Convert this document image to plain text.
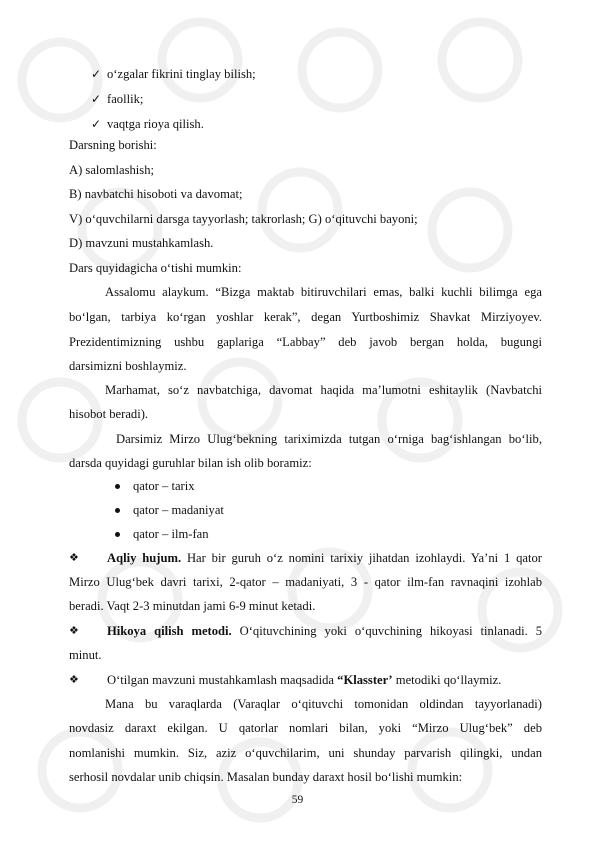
✓ o‘zgalar fikrini tinglay bilish;
✓ faollik;
✓ vaqtga rioya qilish.
Darsning borishi:
A) salomlashish;
B) navbatchi hisoboti va davomat;
V) o‘quvchilarni darsga tayyorlash; takrorlash; G) o‘qituvchi bayoni;
D) mavzuni mustahkamlash.
Dars quyidagicha o‘tishi mumkin:
Assalomu alaykum. “Bizga maktab bitiruvchilari emas, balki kuchli bilimga ega
bo‘lgan, tarbiya ko‘rgan yoshlar kerak”, degan Yurtboshimiz Shavkat Mirziyoyev.
Prezidentimizning ushbu gaplariga “Labbay” deb javob bergan holda, bugungi
darsimizni boshlaymiz.
Marhamat, so‘z navbatchiga, davomat haqida ma’lumotni eshitaylik (Navbatchi
hisobot beradi).
Darsimiz Mirzo Ulug‘bekning tariximizda tutgan o‘rniga bag‘ishlangan bo‘lib,
darsda quyidagi guruhlar bilan ish olib boramiz:
qator – tarix
qator – madaniyat
qator – ilm-fan
❖ Aqliy hujum. Har bir guruh o‘z nomini tarixiy jihatdan izohlaydi. Ya’ni 1 qator
Mirzo Ulug‘bek davri tarixi, 2-qator – madaniyati, 3 - qator ilm-fan ravnaqini izohlab
beradi. Vaqt 2-3 minutdan jami 6-9 minut ketadi.
❖ Hikoya qilish metodi. O‘qituvchining yoki o‘quvchining hikoyasi tinlanadi. 5
minut.
❖ O‘tilgan mavzuni mustahkamlash maqsadida “Klasster’ metodiki qo‘llaymiz.
Mana bu varaqlarda (Varaqlar o‘qituvchi tomonidan oldindan tayyorlanadi)
novdasiz daraxt ekilgan. U qatorlar nomlari bilan, yoki “Mirzo Ulug‘bek” deb
nomlanishi mumkin. Siz, aziz o‘quvchilarim, uni shunday parvarish qilingki, undan
serhosil novdalar unib chiqsin. Masalan bunday daraxt hosil bo‘lishi mumkin:
59
